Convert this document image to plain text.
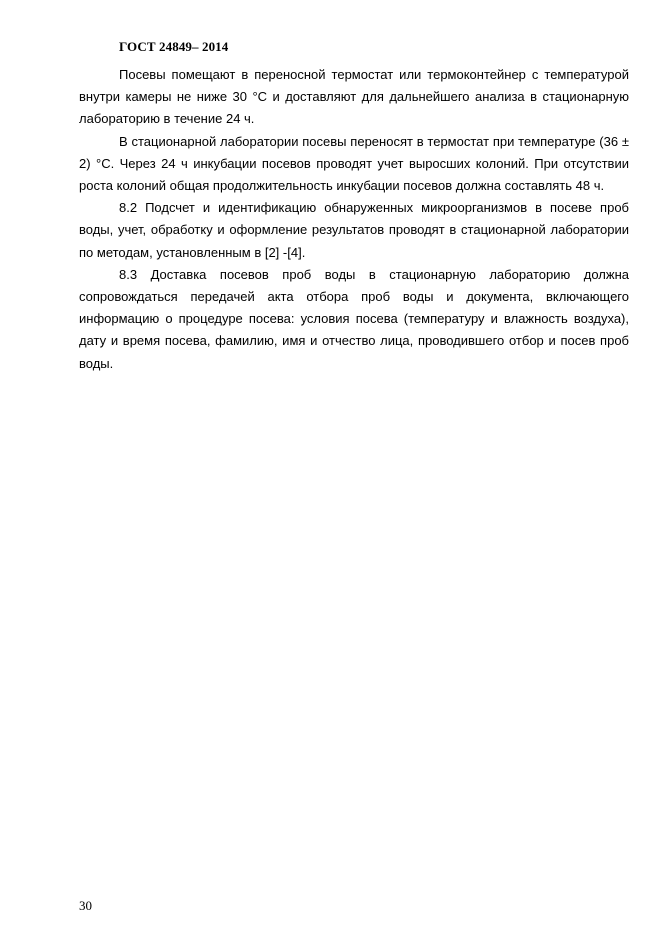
ГОСТ 24849– 2014

Посевы помещают в переносной термостат или термоконтейнер с температурой внутри камеры не ниже 30 °С и доставляют для дальнейшего анализа в стационарную лабораторию в течение 24 ч.

В стационарной лаборатории посевы переносят в термостат при температуре (36 ± 2) °С. Через 24 ч инкубации посевов проводят учет выросших колоний. При отсутствии роста колоний общая продолжительность инкубации посевов должна составлять 48 ч.

8.2 Подсчет и идентификацию обнаруженных микроорганизмов в посеве проб воды, учет, обработку и оформление результатов проводят в стационарной лаборатории по методам, установленным в [2] -[4].

8.3 Доставка посевов проб воды в стационарную лабораторию должна сопровождаться передачей акта отбора проб воды и документа, включающего информацию о процедуре посева: условия посева (температуру и влажность воздуха), дату и время посева, фамилию, имя и отчество лица, проводившего отбор и посев проб воды.

30
